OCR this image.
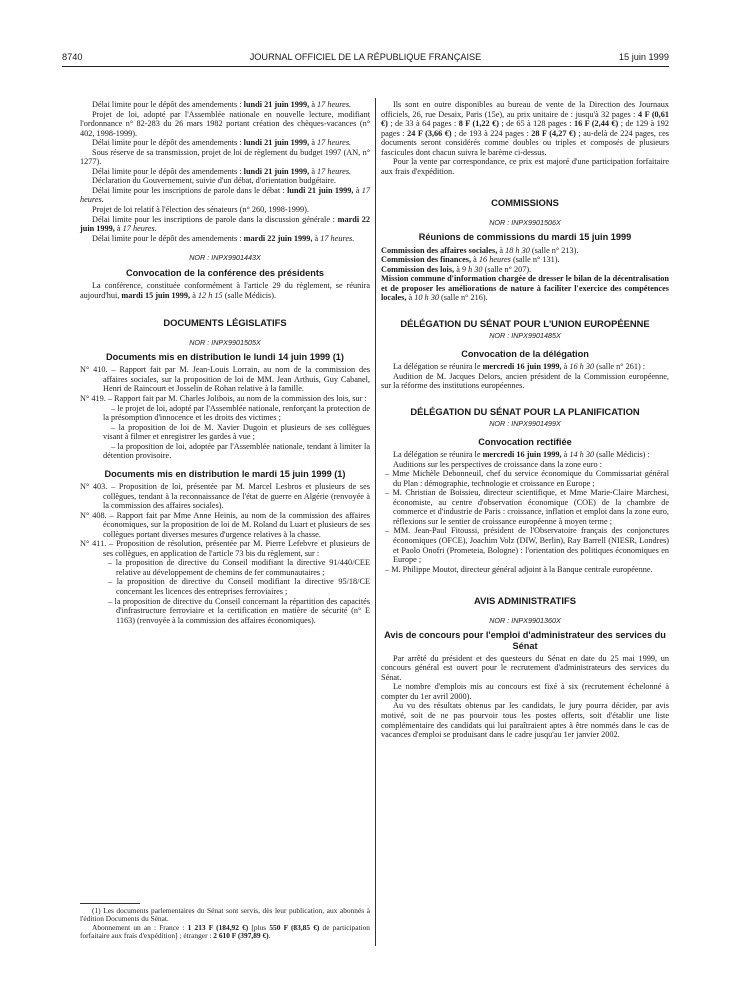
8740	JOURNAL OFFICIEL DE LA RÉPUBLIQUE FRANÇAISE	15 juin 1999

Délai limite pour le dépôt des amendements : lundi 21 juin 1999, à 17 heures.

Projet de loi, adopté par l'Assemblée nationale en nouvelle lecture, modifiant l'ordonnance n° 82-283 du 26 mars 1982 portant création des chèques-vacances (n° 402, 1998-1999).

Délai limite pour le dépôt des amendements : lundi 21 juin 1999, à 17 heures.

Sous réserve de sa transmission, projet de loi de règlement du budget 1997 (AN, n° 1277).

Délai limite pour le dépôt des amendements : lundi 21 juin 1999, à 17 heures.

Déclaration du Gouvernement, suivie d'un débat, d'orientation budgétaire.

Délai limite pour les inscriptions de parole dans le débat : lundi 21 juin 1999, à 17 heures.

Projet de loi relatif à l'élection des sénateurs (n° 260, 1998-1999).

Délai limite pour les inscriptions de parole dans la discussion générale : mardi 22 juin 1999, à 17 heures.

Délai limite pour le dépôt des amendements : mardi 22 juin 1999, à 17 heures.

NOR : INPX9901443X

Convocation de la conférence des présidents

La conférence, constituée conformément à l'article 29 du règlement, se réunira aujourd'hui, mardi 15 juin 1999, à 12 h 15 (salle Médicis).

DOCUMENTS LÉGISLATIFS

NOR : INPX9901505X

Documents mis en distribution le lundi 14 juin 1999 (1)

N° 410. – Rapport fait par M. Jean-Louis Lorrain, au nom de la commission des affaires sociales, sur la proposition de loi de MM. Jean Arthuis, Guy Cabanel, Henri de Raincourt et Josselin de Rohan relative à la famille.

N° 419. – Rapport fait par M. Charles Jolibois, au nom de la commission des lois, sur :

– le projet de loi, adopté par l'Assemblée nationale, renforçant la protection de la présomption d'innocence et les droits des victimes ;

– la proposition de loi de M. Xavier Dugoin et plusieurs de ses collègues visant à filmer et enregistrer les gardes à vue ;

– la proposition de loi, adoptée par l'Assemblée nationale, tendant à limiter la détention provisoire.

Documents mis en distribution le mardi 15 juin 1999 (1)

N° 403. – Proposition de loi, présentée par M. Marcel Lesbros et plusieurs de ses collègues, tendant à la reconnaissance de l'état de guerre en Algérie (renvoyée à la commission des affaires sociales).

N° 408. – Rapport fait par Mme Anne Heinis, au nom de la commission des affaires économiques, sur la proposition de loi de M. Roland du Luart et plusieurs de ses collègues portant diverses mesures d'urgence relatives à la chasse.

N° 411. – Proposition de résolution, présentée par M. Pierre Lefebvre et plusieurs de ses collègues, en application de l'article 73 bis du règlement, sur :

– la proposition de directive du Conseil modifiant la directive 91/440/CEE relative au développement de chemins de fer communautaires ;

– la proposition de directive du Conseil modifiant la directive 95/18/CE concernant les licences des entreprises ferroviaires ;

– la proposition de directive du Conseil concernant la répartition des capacités d'infrastructure ferroviaire et la certification en matière de sécurité (n° E 1163) (renvoyée à la commission des affaires économiques).

(1) Les documents parlementaires du Sénat sont servis, dès leur publication, aux abonnés à l'édition Documents du Sénat.

Abonnement un an : France : 1 213 F (184,92 €) [plus 550 F (83,85 €) de participation forfaitaire aux frais d'expédition] ; étranger : 2 610 F (397,89 €).

Ils sont en outre disponibles au bureau de vente de la Direction des Journaux officiels, 26, rue Desaix, Paris (15e), au prix unitaire de : jusqu'à 32 pages : 4 F (0,61 €) ; de 33 à 64 pages : 8 F (1,22 €) ; de 65 à 128 pages : 16 F (2,44 €) ; de 129 à 192 pages : 24 F (3,66 €) ; de 193 à 224 pages : 28 F (4,27 €) ; au-delà de 224 pages, ces documents seront considérés comme doubles ou triples et composés de plusieurs fascicules dont chacun suivra le barème ci-dessus.

Pour la vente par correspondance, ce prix est majoré d'une participation forfaitaire aux frais d'expédition.

COMMISSIONS

NOR : INPX9901506X

Réunions de commissions du mardi 15 juin 1999

Commission des affaires sociales, à 18 h 30 (salle n° 213).

Commission des finances, à 16 heures (salle n° 131).

Commission des lois, à 9 h 30 (salle n° 207).

Mission commune d'information chargée de dresser le bilan de la décentralisation et de proposer les améliorations de nature à faciliter l'exercice des compétences locales, à 10 h 30 (salle n° 216).

DÉLÉGATION DU SÉNAT POUR L'UNION EUROPÉENNE

NOR : INPX9901485X

Convocation de la délégation

La délégation se réunira le mercredi 16 juin 1999, à 16 h 30 (salle n° 261) :

Audition de M. Jacques Delors, ancien président de la Commission européenne, sur la réforme des institutions européennes.

DÉLÉGATION DU SÉNAT POUR LA PLANIFICATION

NOR : INPX9901499X

Convocation rectifiée

La délégation se réunira le mercredi 16 juin 1999, à 14 h 30 (salle Médicis) :

Auditions sur les perspectives de croissance dans la zone euro :

– Mme Michèle Debonneuil, chef du service économique du Commissariat général du Plan : démographie, technologie et croissance en Europe ;

– M. Christian de Boissieu, directeur scientifique, et Mme Marie-Claire Marchesi, économiste, au centre d'observation économique (COE) de la chambre de commerce et d'industrie de Paris : croissance, inflation et emploi dans la zone euro, réflexions sur le sentier de croissance européenne à moyen terme ;

– MM. Jean-Paul Fitoussi, président de l'Observatoire français des conjonctures économiques (OFCE), Joachim Volz (DIW, Berlin), Ray Barrell (NIESR, Londres) et Paolo Onofri (Prometeia, Bologne) : l'orientation des politiques économiques en Europe ;

– M. Philippe Moutot, directeur général adjoint à la Banque centrale européenne.

AVIS ADMINISTRATIFS

NOR : INPX9901360X

Avis de concours pour l'emploi d'administrateur des services du Sénat

Par arrêté du président et des questeurs du Sénat en date du 25 mai 1999, un concours général est ouvert pour le recrutement d'administrateurs des services du Sénat.

Le nombre d'emplois mis au concours est fixé à six (recrutement échelonné à compter du 1er avril 2000).

Au vu des résultats obtenus par les candidats, le jury pourra décider, par avis motivé, soit de ne pas pourvoir tous les postes offerts, soit d'établir une liste complémentaire des candidats qui lui paraîtraient aptes à être nommés dans le cas de vacances d'emploi se produisant dans le cadre jusqu'au 1er janvier 2002.
